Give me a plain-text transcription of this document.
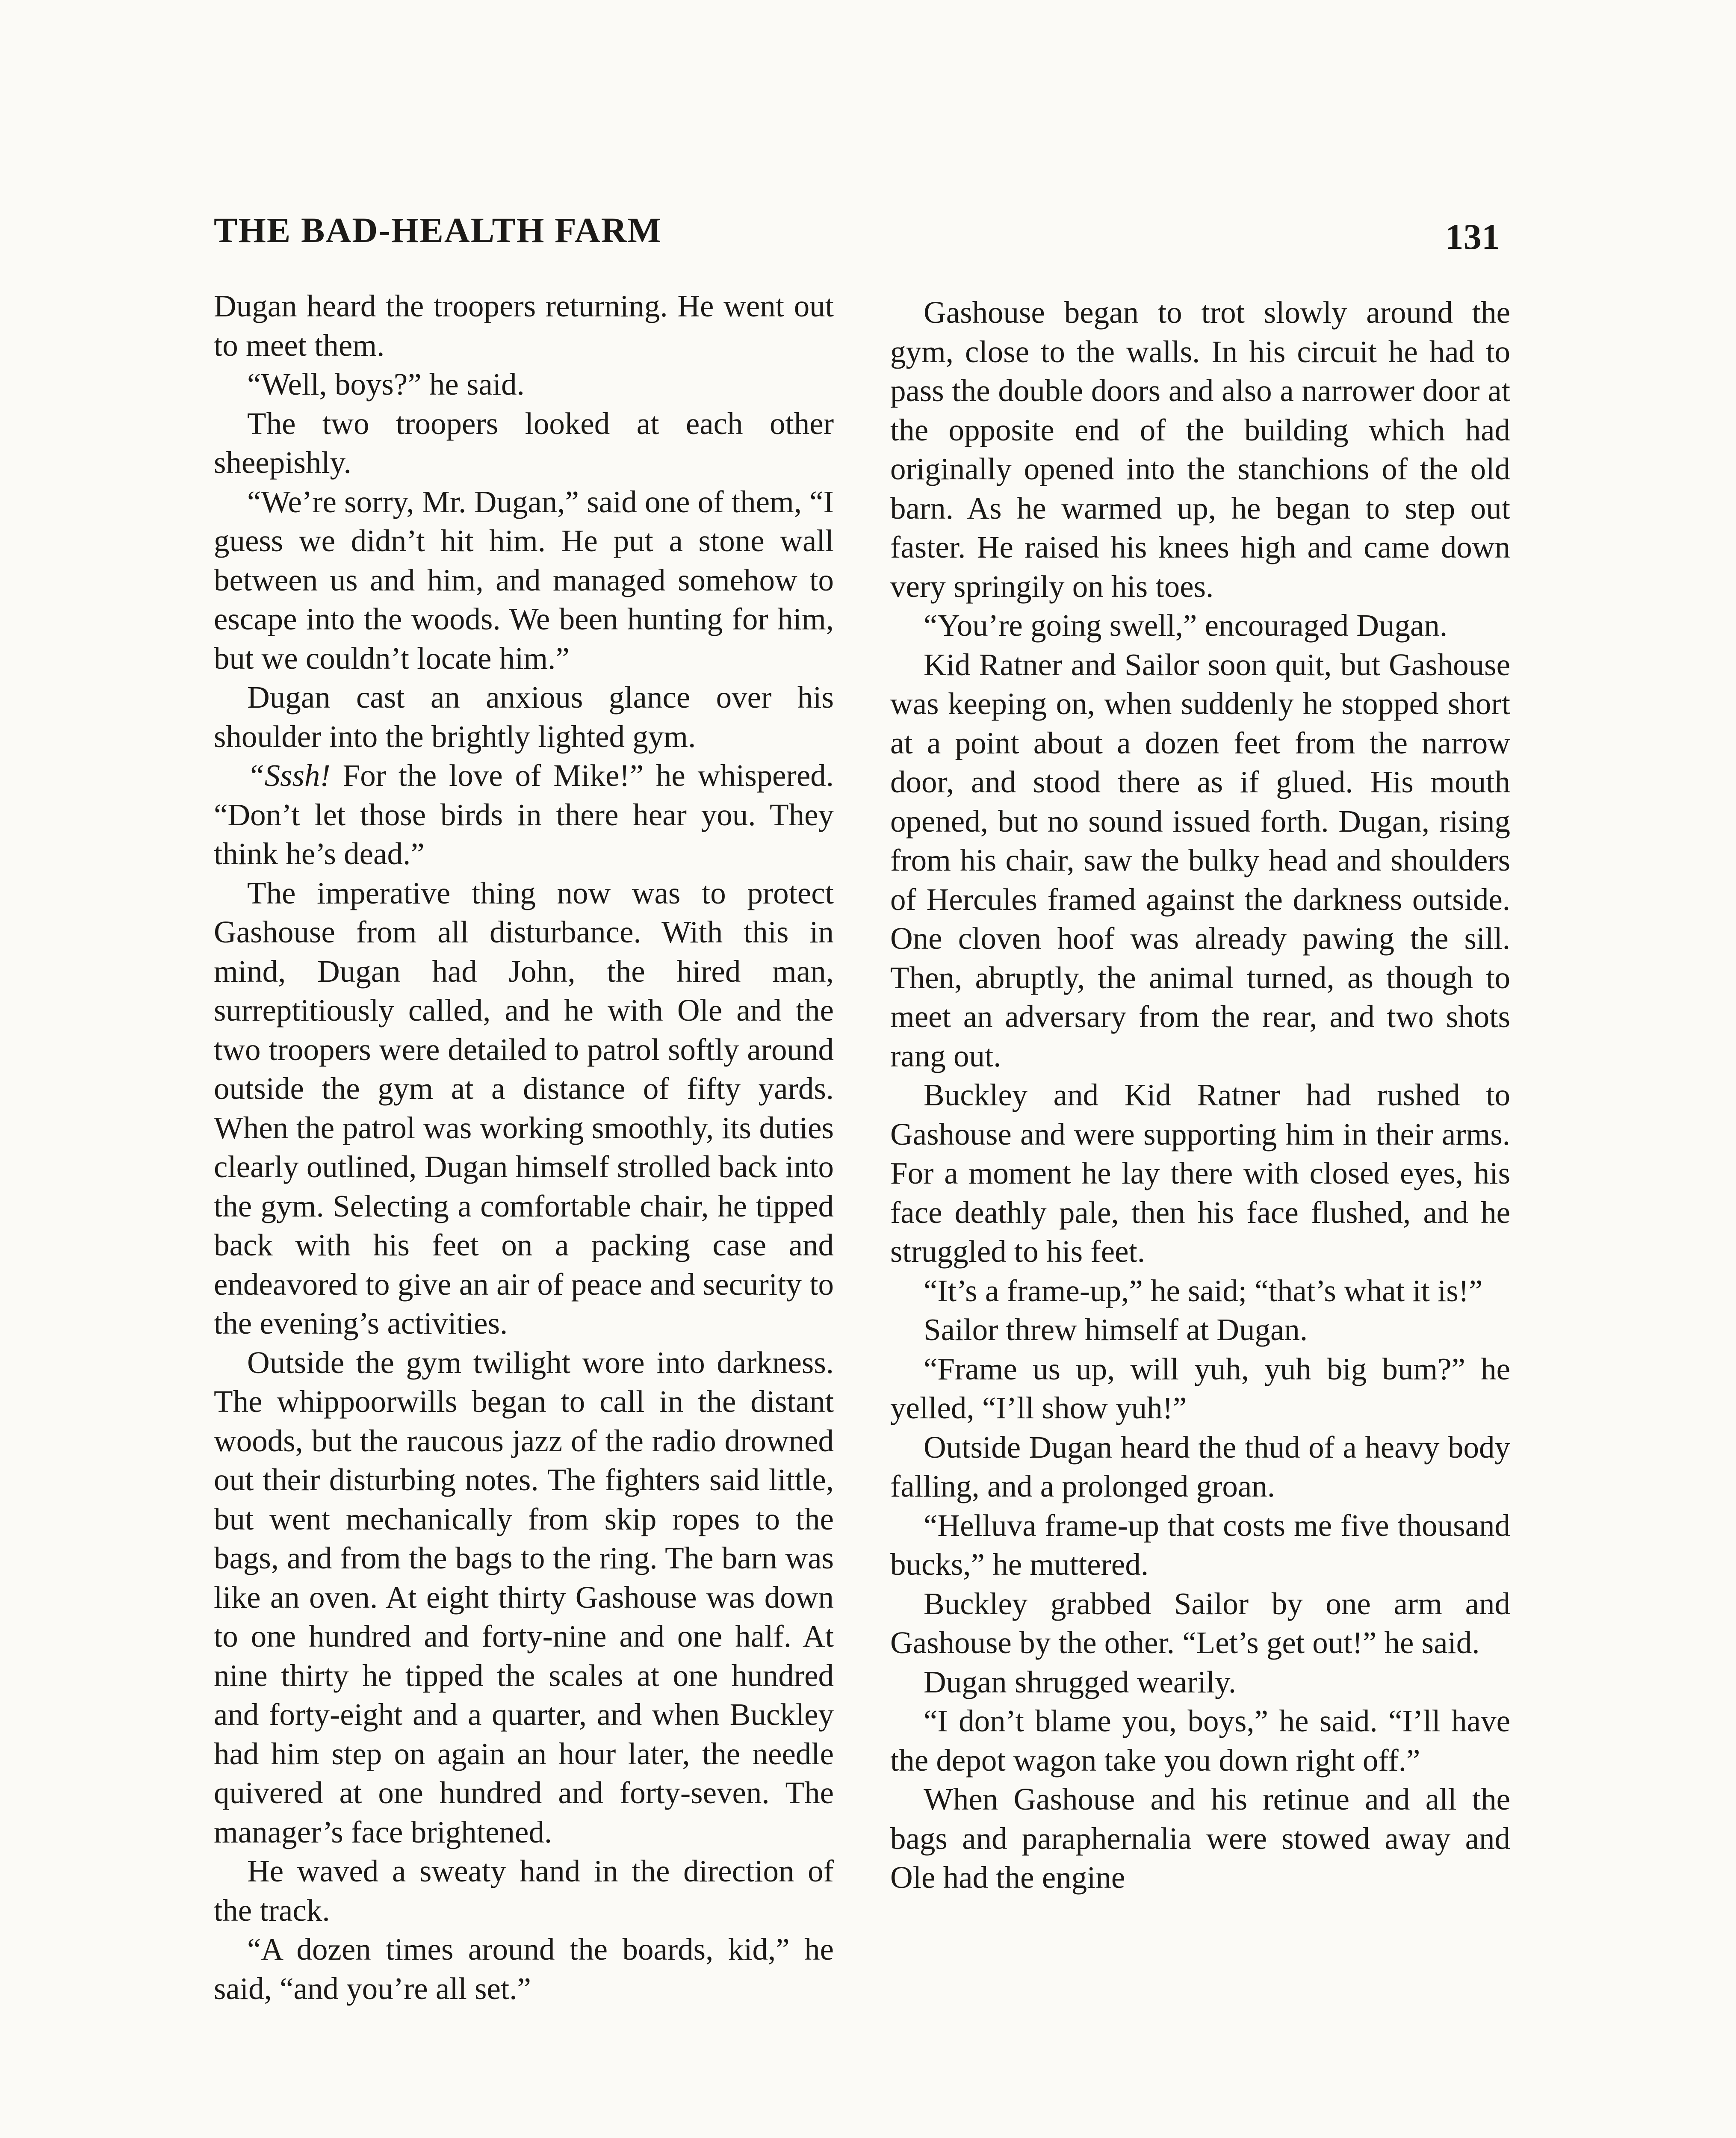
THE BAD-HEALTH FARM	131

Dugan heard the troopers returning. He went out to meet them.

“Well, boys?” he said.

The two troopers looked at each other sheepishly.

“We’re sorry, Mr. Dugan,” said one of them, “I guess we didn’t hit him. He put a stone wall between us and him, and managed somehow to escape into the woods. We been hunting for him, but we couldn’t locate him.”

Dugan cast an anxious glance over his shoulder into the brightly lighted gym.

“Sssh! For the love of Mike!” he whispered. “Don’t let those birds in there hear you. They think he’s dead.”

The imperative thing now was to protect Gashouse from all disturbance. With this in mind, Dugan had John, the hired man, surreptitiously called, and he with Ole and the two troopers were detailed to patrol softly around outside the gym at a distance of fifty yards. When the patrol was working smoothly, its duties clearly outlined, Dugan himself strolled back into the gym. Selecting a comfortable chair, he tipped back with his feet on a packing case and endeavored to give an air of peace and security to the evening’s activities.

Outside the gym twilight wore into darkness. The whippoorwills began to call in the distant woods, but the raucous jazz of the radio drowned out their disturbing notes. The fighters said little, but went mechanically from skip ropes to the bags, and from the bags to the ring. The barn was like an oven. At eight thirty Gashouse was down to one hundred and forty-nine and one half. At nine thirty he tipped the scales at one hundred and forty-eight and a quarter, and when Buckley had him step on again an hour later, the needle quivered at one hundred and forty-seven. The manager’s face brightened.

He waved a sweaty hand in the direction of the track.

“A dozen times around the boards, kid,” he said, “and you’re all set.”

Gashouse began to trot slowly around the gym, close to the walls. In his circuit he had to pass the double doors and also a narrower door at the opposite end of the building which had originally opened into the stanchions of the old barn. As he warmed up, he began to step out faster. He raised his knees high and came down very springily on his toes.

“You’re going swell,” encouraged Dugan.

Kid Ratner and Sailor soon quit, but Gashouse was keeping on, when suddenly he stopped short at a point about a dozen feet from the narrow door, and stood there as if glued. His mouth opened, but no sound issued forth. Dugan, rising from his chair, saw the bulky head and shoulders of Hercules framed against the darkness outside. One cloven hoof was already pawing the sill. Then, abruptly, the animal turned, as though to meet an adversary from the rear, and two shots rang out.

Buckley and Kid Ratner had rushed to Gashouse and were supporting him in their arms. For a moment he lay there with closed eyes, his face deathly pale, then his face flushed, and he struggled to his feet.

“It’s a frame-up,” he said; “that’s what it is!”

Sailor threw himself at Dugan.

“Frame us up, will yuh, yuh big bum?” he yelled, “I’ll show yuh!”

Outside Dugan heard the thud of a heavy body falling, and a prolonged groan.

“Helluva frame-up that costs me five thousand bucks,” he muttered.

Buckley grabbed Sailor by one arm and Gashouse by the other. “Let’s get out!” he said.

Dugan shrugged wearily.

“I don’t blame you, boys,” he said. “I’ll have the depot wagon take you down right off.”

When Gashouse and his retinue and all the bags and paraphernalia were stowed away and Ole had the engine
